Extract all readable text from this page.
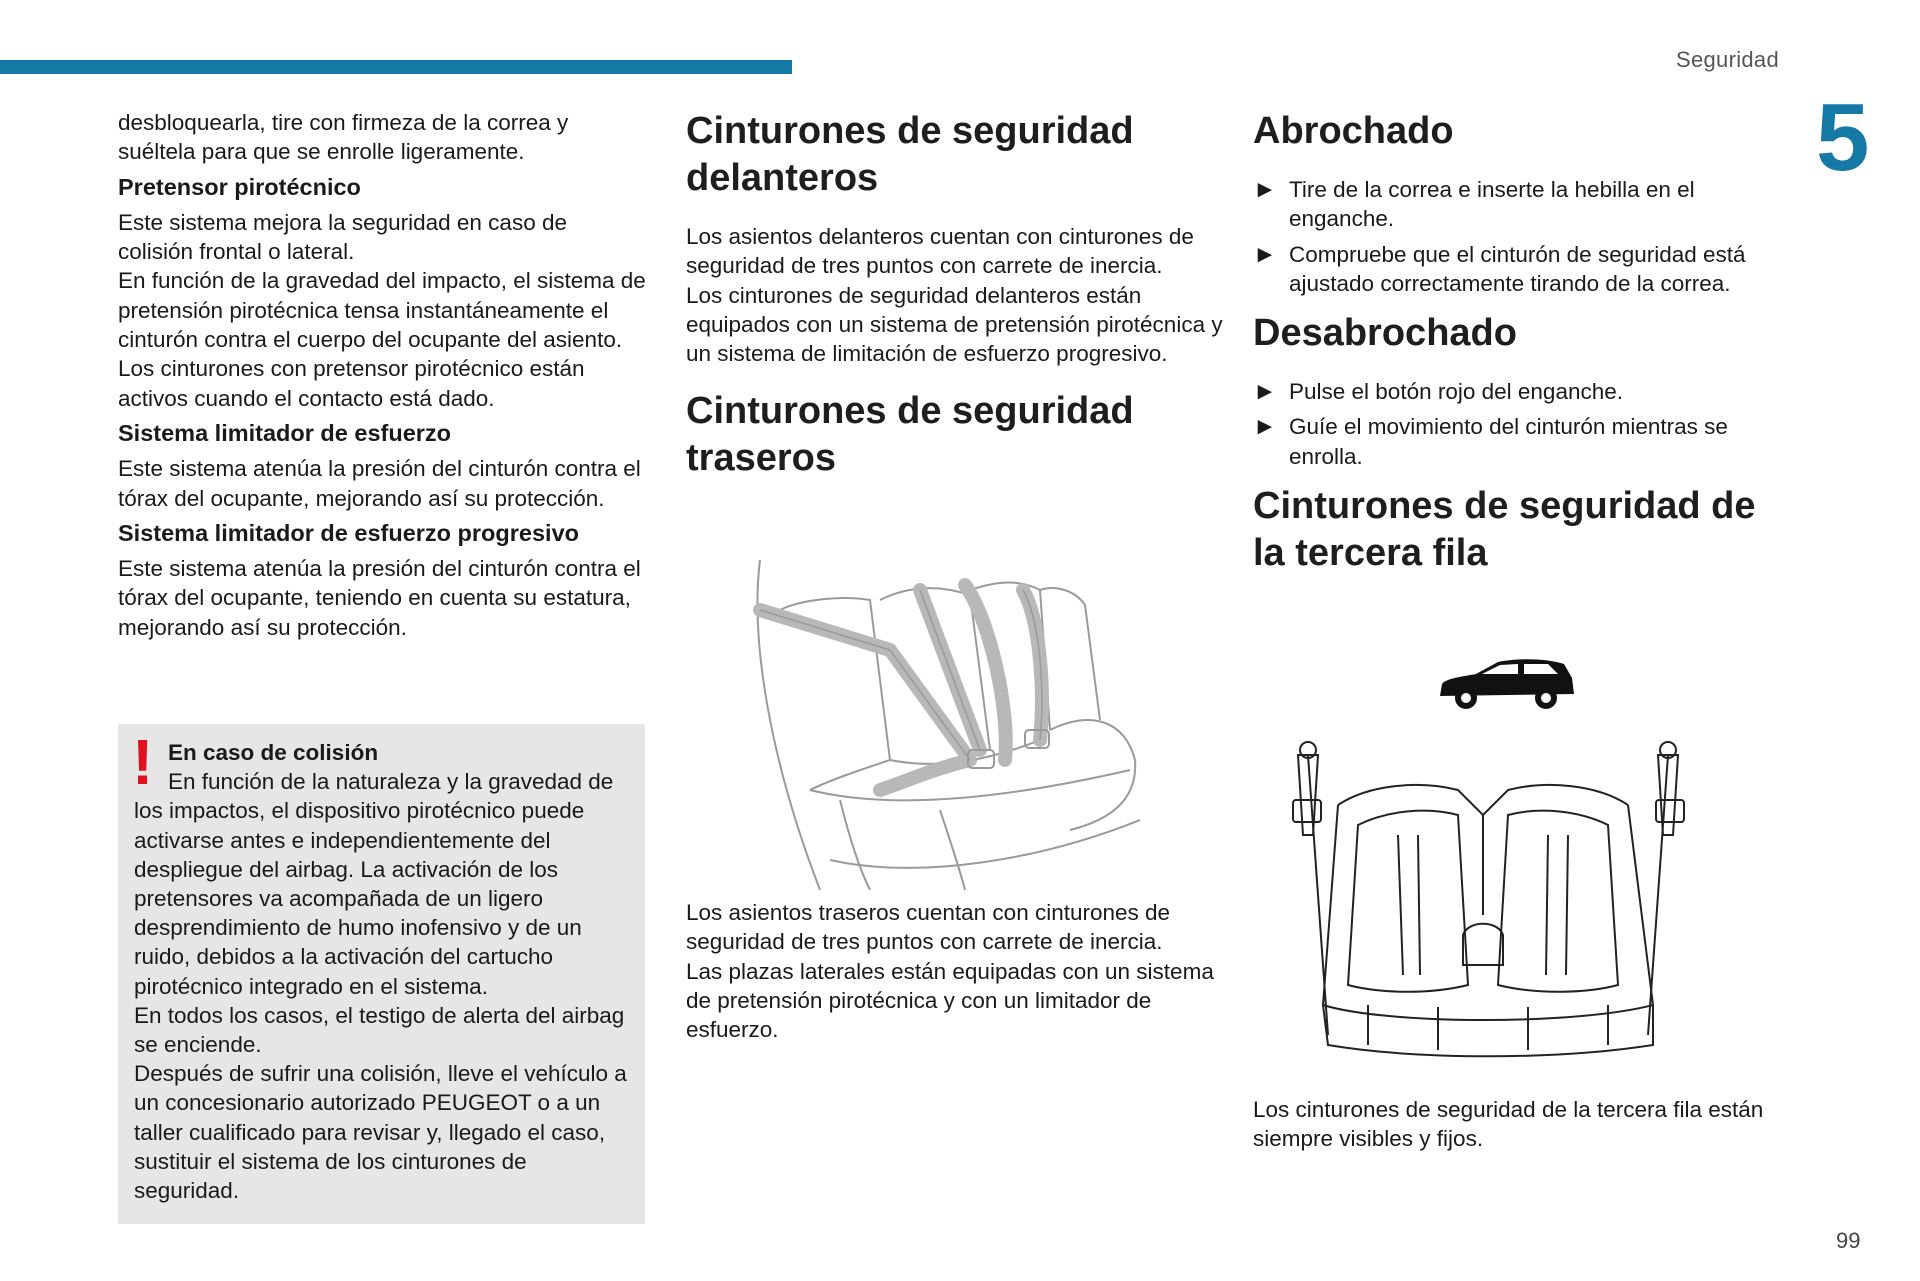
Seguridad
5
99

desbloquearla, tire con firmeza de la correa y suéltela para que se enrolle ligeramente.

Pretensor pirotécnico

Este sistema mejora la seguridad en caso de colisión frontal o lateral.

En función de la gravedad del impacto, el sistema de pretensión pirotécnica tensa instantáneamente el cinturón contra el cuerpo del ocupante del asiento.

Los cinturones con pretensor pirotécnico están activos cuando el contacto está dado.

Sistema limitador de esfuerzo

Este sistema atenúa la presión del cinturón contra el tórax del ocupante, mejorando así su protección.

Sistema limitador de esfuerzo progresivo

Este sistema atenúa la presión del cinturón contra el tórax del ocupante, teniendo en cuenta su estatura, mejorando así su protección.

! En caso de colisión

En función de la naturaleza y la gravedad de los impactos, el dispositivo pirotécnico puede activarse antes e independientemente del despliegue del airbag. La activación de los pretensores va acompañada de un ligero desprendimiento de humo inofensivo y de un ruido, debidos a la activación del cartucho pirotécnico integrado en el sistema.

En todos los casos, el testigo de alerta del airbag se enciende.

Después de sufrir una colisión, lleve el vehículo a un concesionario autorizado PEUGEOT o a un taller cualificado para revisar y, llegado el caso, sustituir el sistema de los cinturones de seguridad.

Cinturones de seguridad delanteros

Los asientos delanteros cuentan con cinturones de seguridad de tres puntos con carrete de inercia.

Los cinturones de seguridad delanteros están equipados con un sistema de pretensión pirotécnica y un sistema de limitación de esfuerzo progresivo.

Cinturones de seguridad traseros

Los asientos traseros cuentan con cinturones de seguridad de tres puntos con carrete de inercia.

Las plazas laterales están equipadas con un sistema de pretensión pirotécnica y con un limitador de esfuerzo.

Abrochado
► Tire de la correa e inserte la hebilla en el enganche.
► Compruebe que el cinturón de seguridad está ajustado correctamente tirando de la correa.
Desabrochado
► Pulse el botón rojo del enganche.
► Guíe el movimiento del cinturón mientras se enrolla.
Cinturones de seguridad de la tercera fila

Los cinturones de seguridad de la tercera fila están siempre visibles y fijos.
